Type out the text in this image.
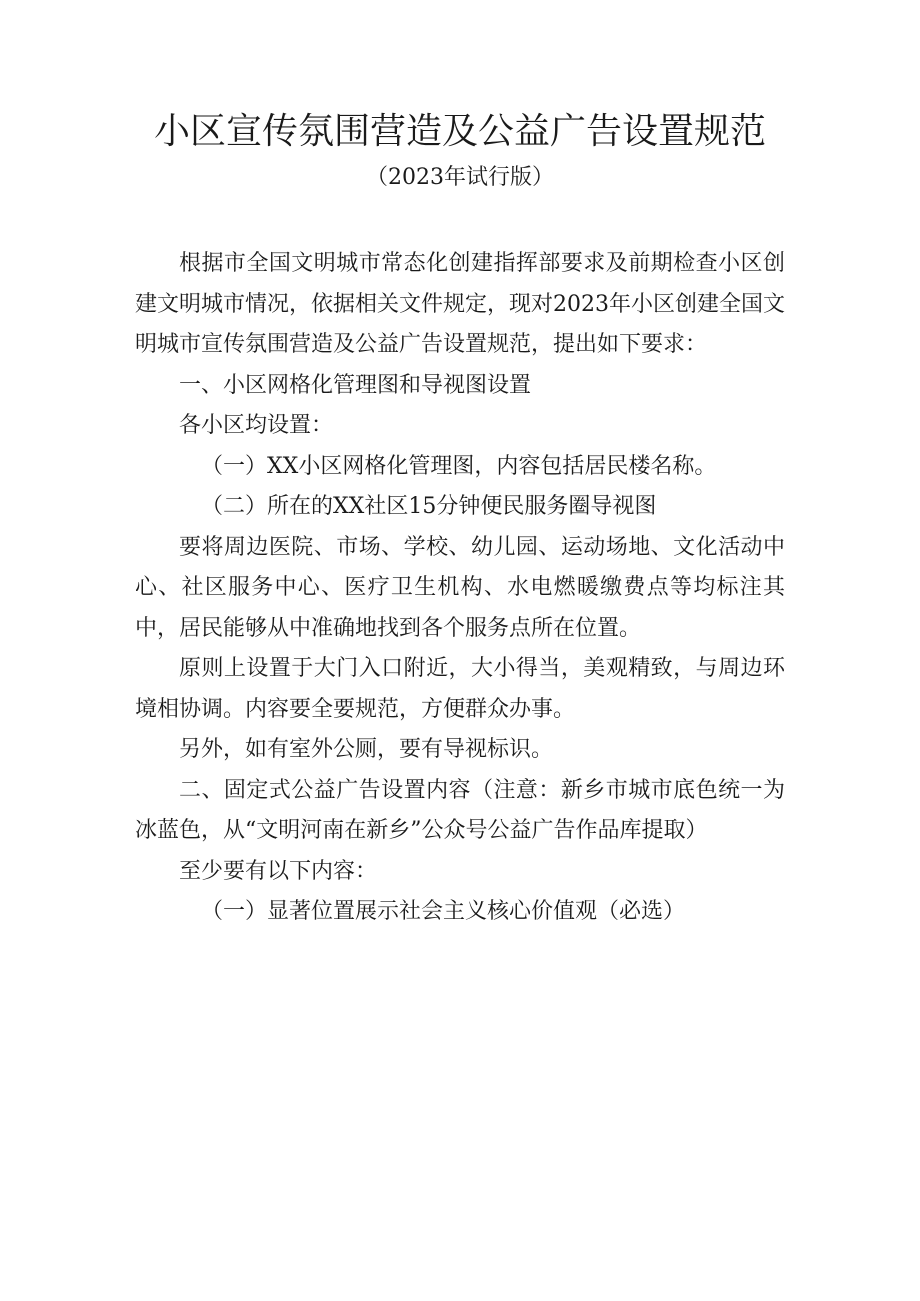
小区宣传氛围营造及公益广告设置规范
（2023年试行版）

根据市全国文明城市常态化创建指挥部要求及前期检查小区创建文明城市情况，依据相关文件规定，现对2023年小区创建全国文明城市宣传氛围营造及公益广告设置规范，提出如下要求：

一、小区网格化管理图和导视图设置

各小区均设置：

（一）XX小区网格化管理图，内容包括居民楼名称。

（二）所在的XX社区15分钟便民服务圈导视图

要将周边医院、市场、学校、幼儿园、运动场地、文化活动中心、社区服务中心、医疗卫生机构、水电燃暖缴费点等均标注其中，居民能够从中准确地找到各个服务点所在位置。

原则上设置于大门入口附近，大小得当，美观精致，与周边环境相协调。内容要全要规范，方便群众办事。

另外，如有室外公厕，要有导视标识。

二、固定式公益广告设置内容（注意：新乡市城市底色统一为冰蓝色，从“文明河南在新乡”公众号公益广告作品库提取）

至少要有以下内容：

（一）显著位置展示社会主义核心价值观（必选）
